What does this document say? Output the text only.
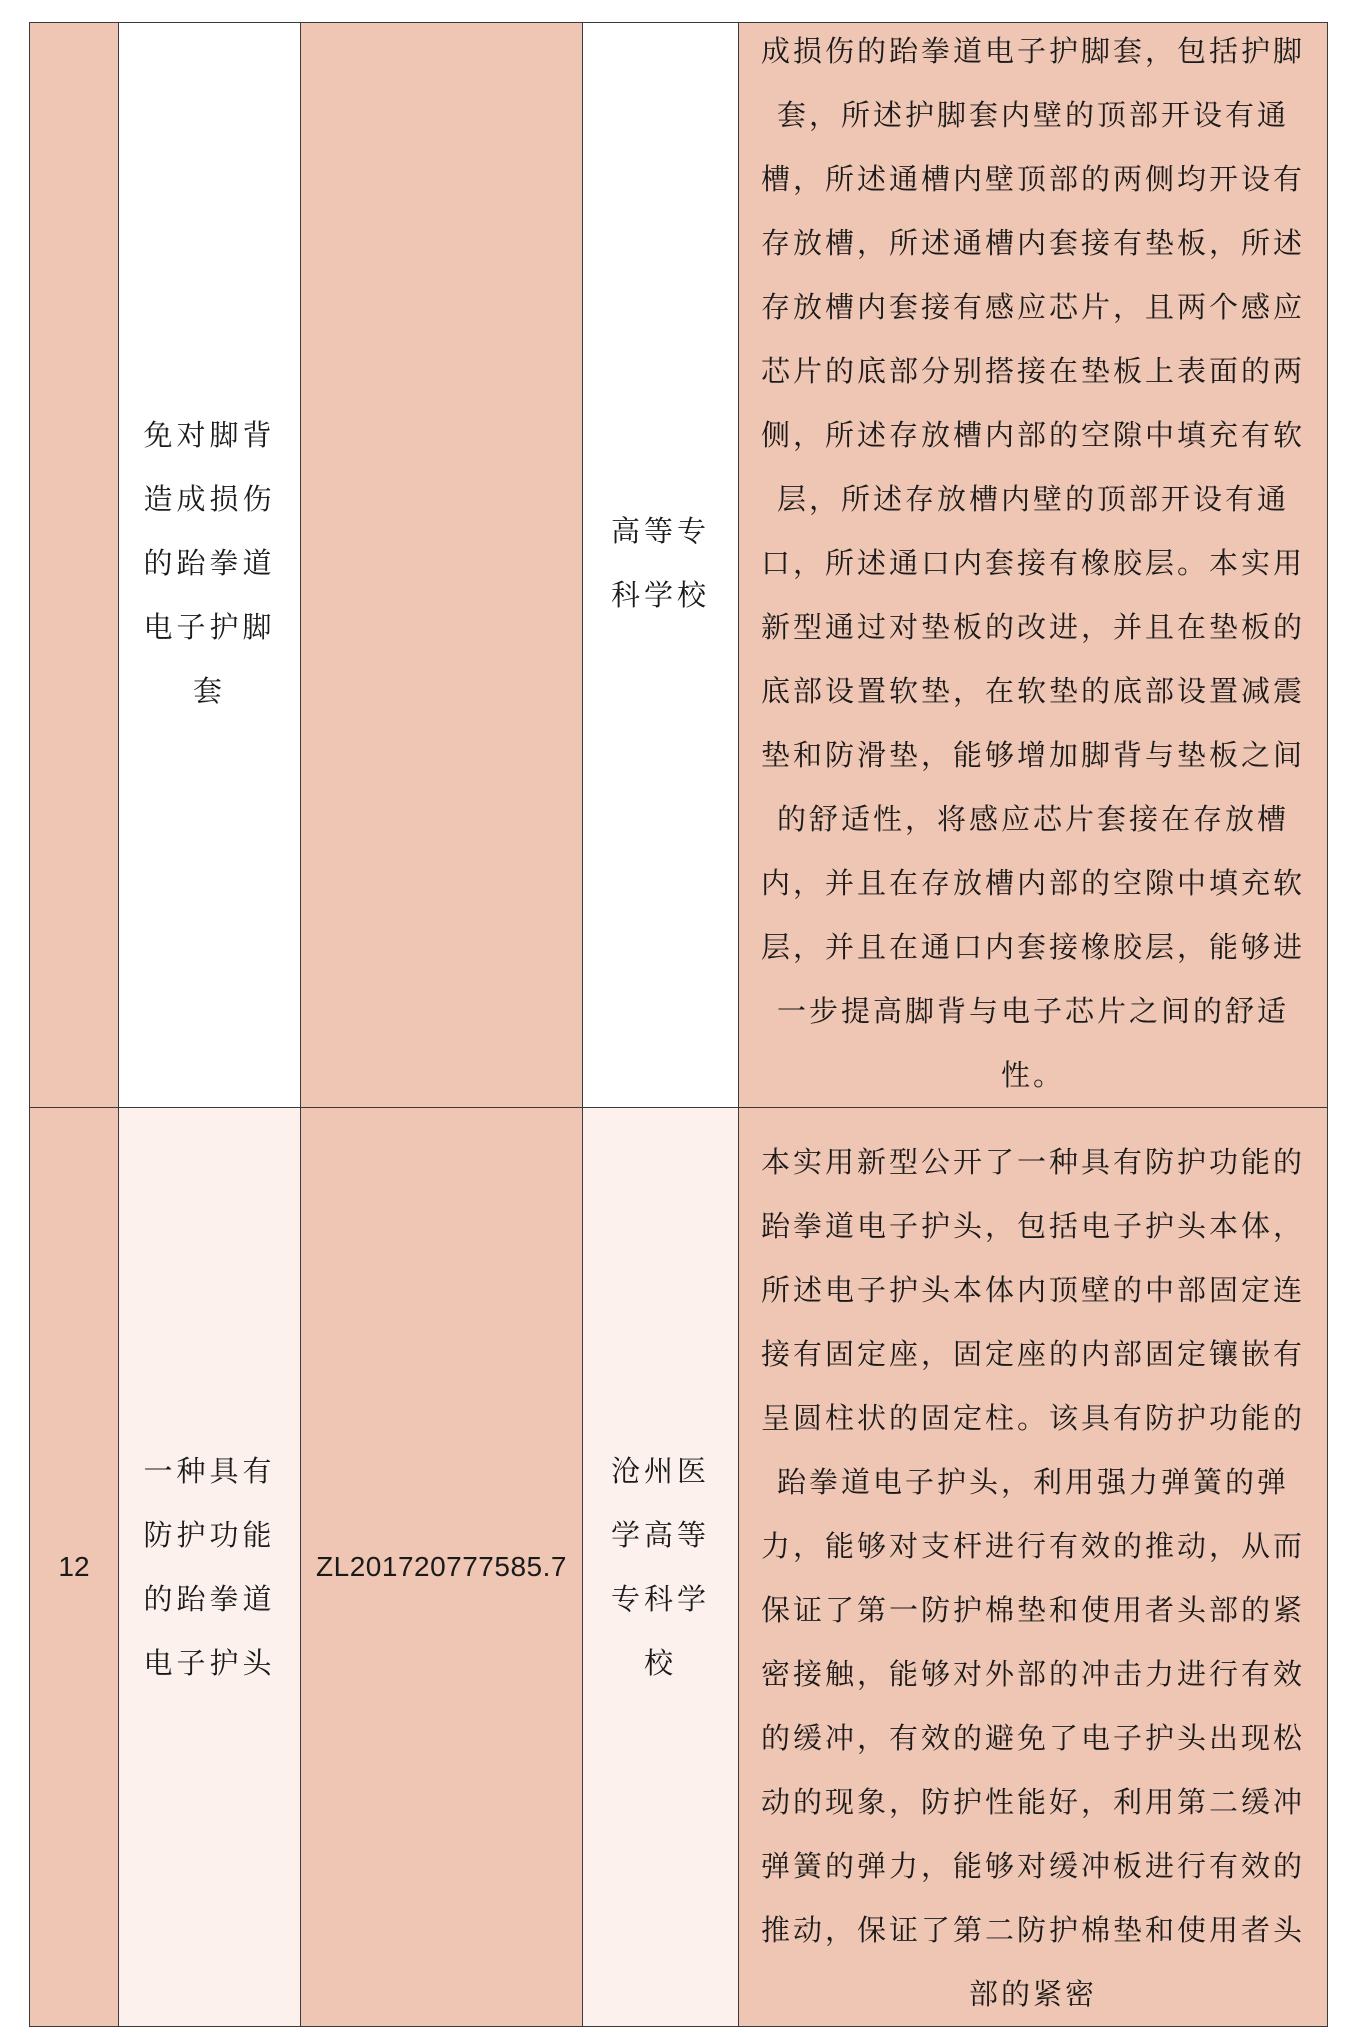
	免对脚背造成损伤的跆拳道电子护脚套		高等专科学校	成损伤的跆拳道电子护脚套，包括护脚套，所述护脚套内壁的顶部开设有通槽，所述通槽内壁顶部的两侧均开设有存放槽，所述通槽内套接有垫板，所述存放槽内套接有感应芯片，且两个感应芯片的底部分别搭接在垫板上表面的两侧，所述存放槽内部的空隙中填充有软层，所述存放槽内壁的顶部开设有通口，所述通口内套接有橡胶层。本实用新型通过对垫板的改进，并且在垫板的底部设置软垫，在软垫的底部设置减震垫和防滑垫，能够增加脚背与垫板之间的舒适性，将感应芯片套接在存放槽内，并且在存放槽内部的空隙中填充软层，并且在通口内套接橡胶层，能够进一步提高脚背与电子芯片之间的舒适性。

12	一种具有防护功能的跆拳道电子护头	ZL201720777585.7	沧州医学高等专科学校	本实用新型公开了一种具有防护功能的跆拳道电子护头，包括电子护头本体，所述电子护头本体内顶壁的中部固定连接有固定座，固定座的内部固定镶嵌有呈圆柱状的固定柱。该具有防护功能的跆拳道电子护头，利用强力弹簧的弹力，能够对支杆进行有效的推动，从而保证了第一防护棉垫和使用者头部的紧密接触，能够对外部的冲击力进行有效的缓冲，有效的避免了电子护头出现松动的现象，防护性能好，利用第二缓冲弹簧的弹力，能够对缓冲板进行有效的推动，保证了第二防护棉垫和使用者头部的紧密
